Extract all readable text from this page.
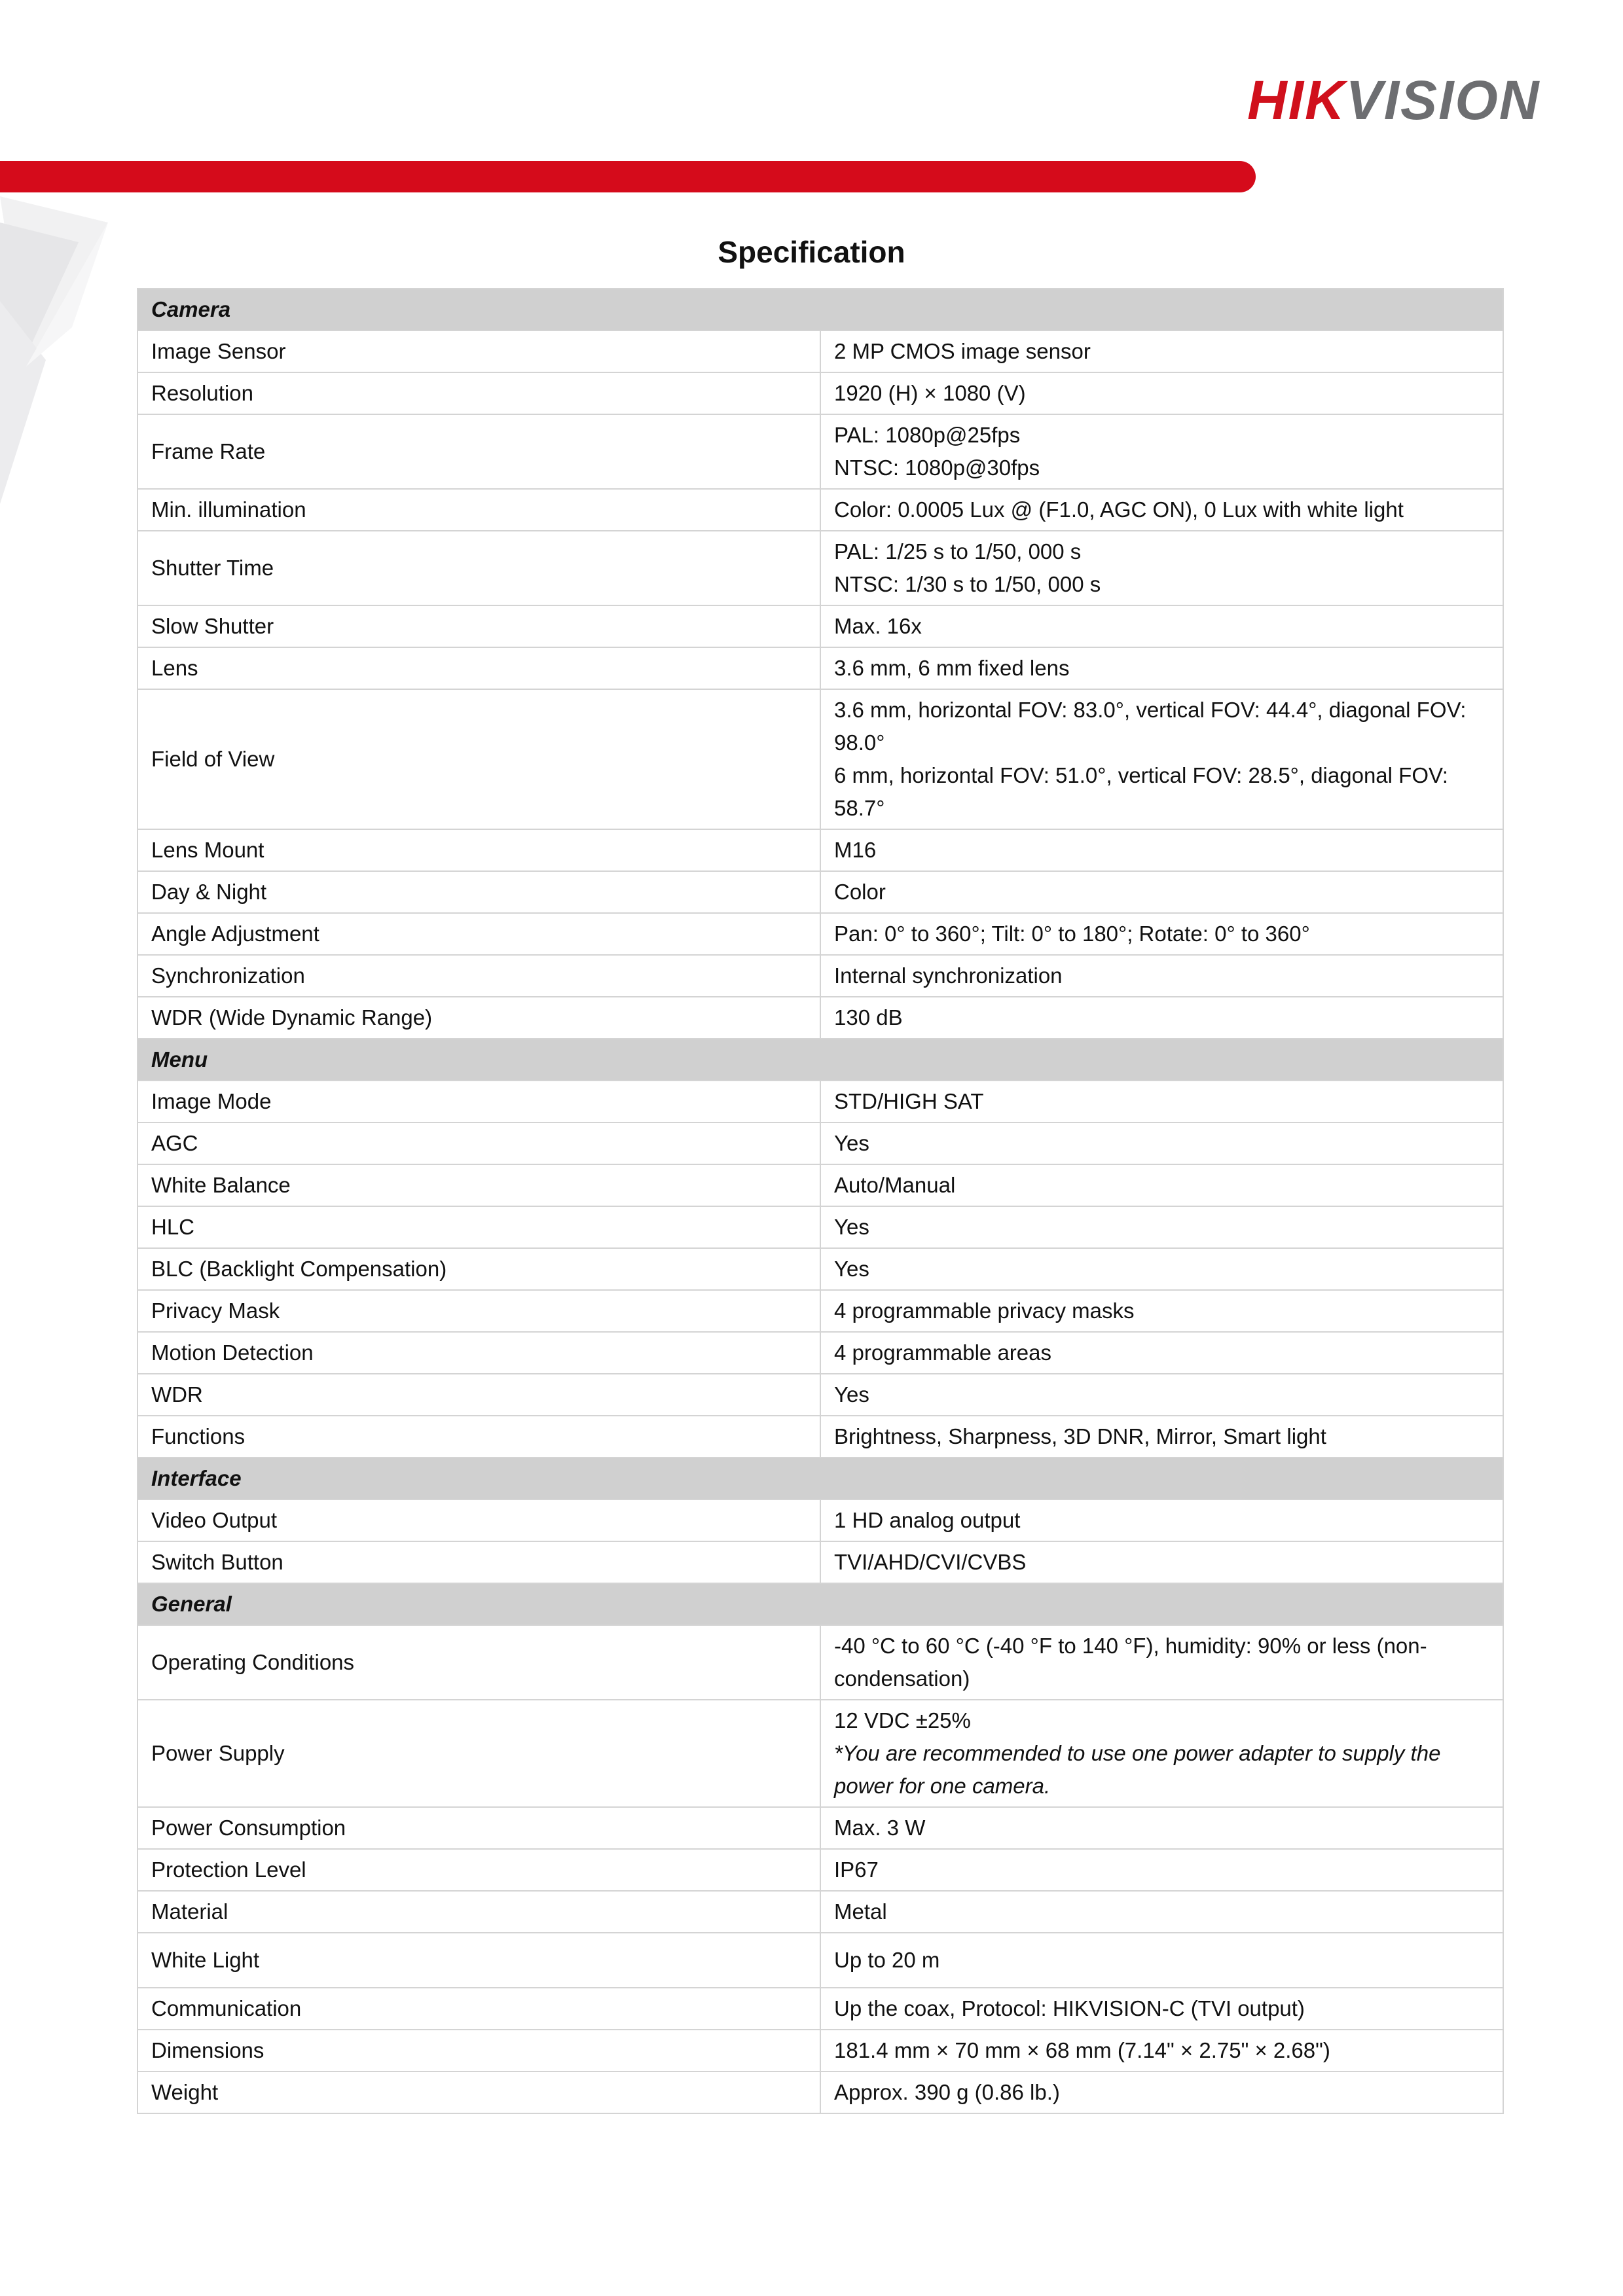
HIKVISION
Specification
Camera	
Image Sensor	2 MP CMOS image sensor

Resolution	1920 (H) × 1080 (V)

Frame Rate	PAL: 1080p@25fps
NTSC: 1080p@30fps

Min. illumination	Color: 0.0005 Lux @ (F1.0, AGC ON), 0 Lux with white light

Shutter Time	PAL: 1/25 s to 1/50, 000 s
NTSC: 1/30 s to 1/50, 000 s

Slow Shutter	Max. 16x

Lens	3.6 mm, 6 mm fixed lens

Field of View	3.6 mm, horizontal FOV: 83.0°, vertical FOV: 44.4°, diagonal FOV: 98.0°
6 mm, horizontal FOV: 51.0°, vertical FOV: 28.5°, diagonal FOV: 58.7°

Lens Mount	M16

Day & Night	Color

Angle Adjustment	Pan: 0° to 360°; Tilt: 0° to 180°; Rotate: 0° to 360°

Synchronization	Internal synchronization

WDR (Wide Dynamic Range)	130 dB

Menu	
Image Mode	STD/HIGH SAT

AGC	Yes

White Balance	Auto/Manual

HLC	Yes

BLC (Backlight Compensation)	Yes

Privacy Mask	4 programmable privacy masks

Motion Detection	4 programmable areas

WDR	Yes

Functions	Brightness, Sharpness, 3D DNR, Mirror, Smart light

Interface	
Video Output	1 HD analog output

Switch Button	TVI/AHD/CVI/CVBS

General	
Operating Conditions	-40 °C to 60 °C (-40 °F to 140 °F), humidity: 90% or less (non-condensation)

Power Supply	12 VDC ±25%
*You are recommended to use one power adapter to supply the power for one camera.

Power Consumption	Max. 3 W

Protection Level	IP67

Material	Metal

White Light	Up to 20 m

Communication	Up the coax, Protocol: HIKVISION-C (TVI output)

Dimensions	181.4 mm × 70 mm × 68 mm (7.14" × 2.75" × 2.68")

Weight	Approx. 390 g (0.86 lb.)
